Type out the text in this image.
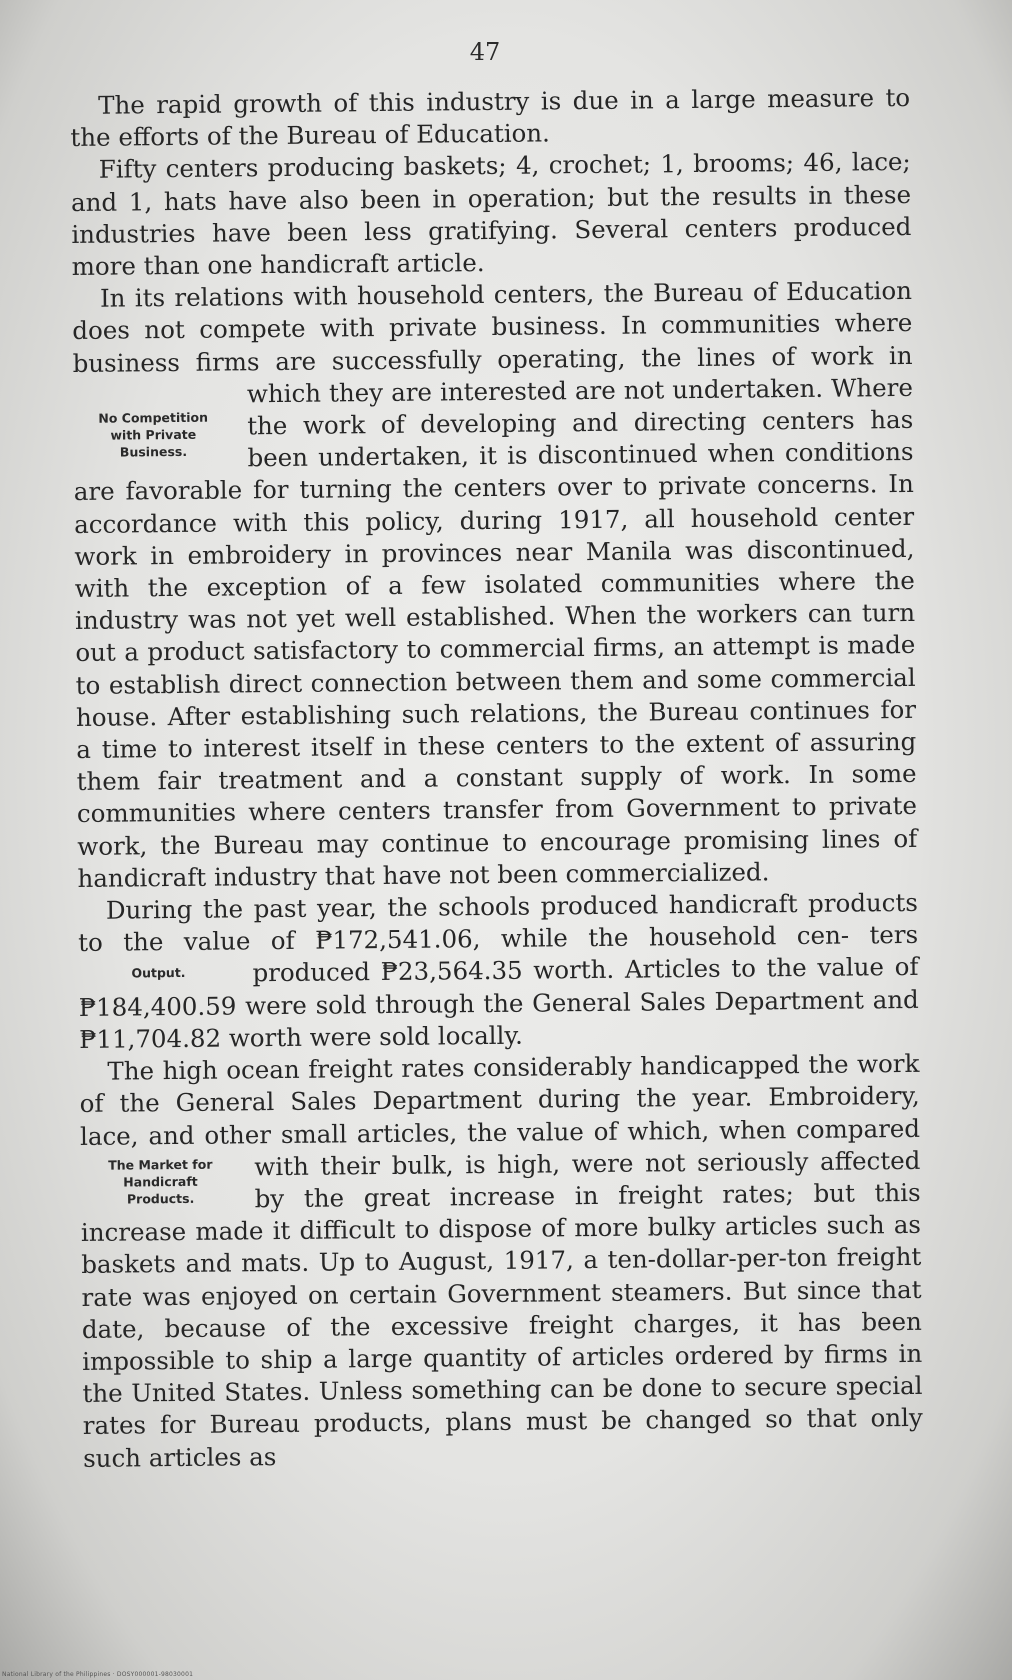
47

The rapid growth of this industry is due in a large measure to the efforts of the Bureau of Education.

Fifty centers producing baskets; 4, crochet; 1, brooms; 46, lace; and 1, hats have also been in operation; but the results in these industries have been less gratifying. Several centers produced more than one handicraft article.

In its relations with household centers, the Bureau of Education does not compete with private business. In communities where business firms are successfully operating, the lines of work
No Competition
with Private
Business.
in which they are interested are not undertaken. Where the work of developing and directing centers has been undertaken, it is discontinued when conditions are favorable for turning the centers over to private concerns. In accordance with this policy, during 1917, all household center work in embroidery in provinces near Manila was discontinued, with the exception of a few isolated communities where the industry was not yet well established. When the workers can turn out a product satisfactory to commercial firms, an attempt is made to establish direct connection between them and some commercial house. After establishing such relations, the Bureau continues for a time to interest itself in these centers to the extent of assuring them fair treatment and a constant supply of work. In some communities where centers transfer from Government to private work, the Bureau may continue to encourage promising lines of handicraft industry that have not been commercialized.

During the past year, the schools produced handicraft products to the value of ₱172,541.06, while the household cen-
Output.
ters produced ₱23,564.35 worth. Articles to the value of ₱184,400.59 were sold through the General Sales Department and ₱11,704.82 worth were sold locally.

The high ocean freight rates considerably handicapped the work of the General Sales Department during the year. Embroidery, lace, and other small articles, the value of which, when
The Market for
Handicraft
Products.
compared with their bulk, is high, were not seriously affected by the great increase in freight rates; but this increase made it difficult to dispose of more bulky articles such as baskets and mats. Up to August, 1917, a ten-dollar-per-ton freight rate was enjoyed on certain Government steamers. But since that date, because of the excessive freight charges, it has been impossible to ship a large quantity of articles ordered by firms in the United States. Unless something can be done to secure special rates for Bureau products, plans must be changed so that only such articles as

National Library of the Philippines · DOSY000001-98030001
